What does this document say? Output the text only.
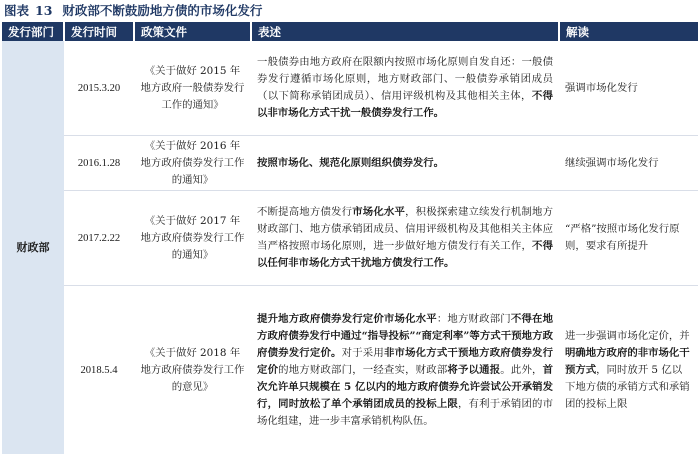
图表 13 财政部不断鼓励地方债的市场化发行
发行部门	发行时间	政策文件	表述	解读
财政部	2015.3.20	《关于做好 2015 年地方政府一般债券发行工作的通知》	一般债券由地方政府在限额内按照市场化原则自发自还：一般债券发行遵循市场化原则，地方财政部门、一般债券承销团成员（以下简称承销团成员）、信用评级机构及其他相关主体，不得以非市场化方式干扰一般债券发行工作。	强调市场化发行
	2016.1.28	《关于做好 2016 年地方政府债券发行工作的通知》	按照市场化、规范化原则组织债券发行。	继续强调市场化发行
	2017.2.22	《关于做好 2017 年地方政府债券发行工作的通知》	不断提高地方债发行市场化水平，积极探索建立续发行机制地方财政部门、地方债承销团成员、信用评级机构及其他相关主体应当严格按照市场化原则，进一步做好地方债发行有关工作，不得以任何非市场化方式干扰地方债发行工作。	“严格”按照市场化发行原则，要求有所提升
	2018.5.4	《关于做好 2018 年地方政府债券发行工作的意见》	提升地方政府债券发行定价市场化水平：地方财政部门不得在地方政府债券发行中通过“指导投标”“商定利率”等方式干预地方政府债券发行定价。对于采用非市场化方式干预地方政府债券发行定价的地方财政部门，一经查实，财政部将予以通报。此外，首次允许单只规模在 5 亿以内的地方政府债券允许尝试公开承销发行，同时放松了单个承销团成员的投标上限，有利于承销团的市场化组建，进一步丰富承销机构队伍。	进一步强调市场化定价，并明确地方政府的非市场化干预方式，同时放开 5 亿以下地方债的承销方式和承销团的投标上限
